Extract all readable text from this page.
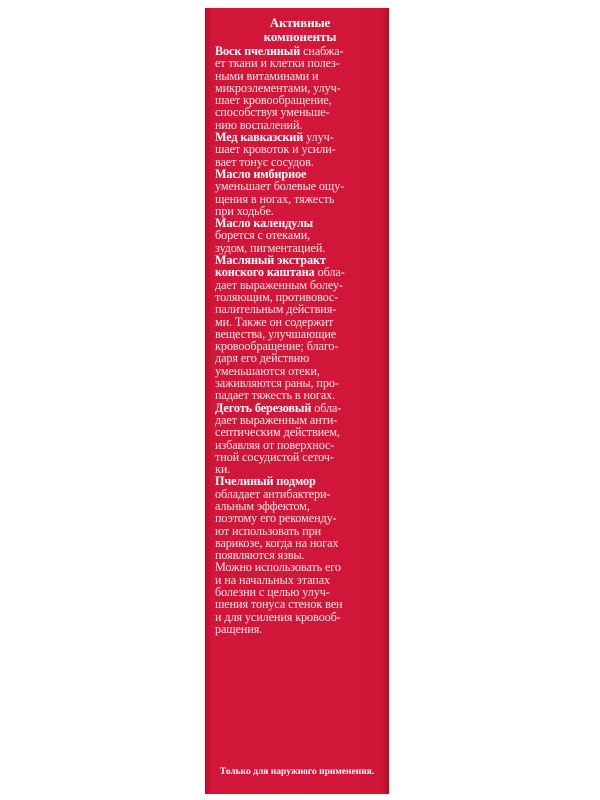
Активные
компоненты
Воск пчелиный снабжа-
ет ткани и клетки полез-
ными витаминами и
микроэлементами, улуч-
шает кровообращение,
способствуя уменьше-
нию воспалений.
Мед кавказский улуч-
шает кровоток и усили-
вает тонус сосудов.
Масло имбирное
уменьшает болевые ощу-
щения в ногах, тяжесть
при ходьбе.
Масло календулы
борется с отеками,
зудом, пигментацией.
Масляный экстракт
конского каштана обла-
дает выраженным болеу-
толяющим, противовос-
палительным действия-
ми. Также он содержит
вещества, улучшающие
кровообращение; благо-
даря его действию
уменьшаются отеки,
заживляются раны, про-
падает тяжесть в ногах.
Деготь березовый обла-
дает выраженным анти-
септическим действием,
избавляя от поверхнос-
тной сосудистой сеточ-
ки.
Пчелиный подмор
обладает антибактери-
альным эффектом,
поэтому его рекоменду-
ют использовать при
варикозе, когда на ногах
появляются язвы.
Можно использовать его
и на начальных этапах
болезни с целью улуч-
шения тонуса стенок вен
и для усиления кровооб-
ращения.
Только для наружного применения.
